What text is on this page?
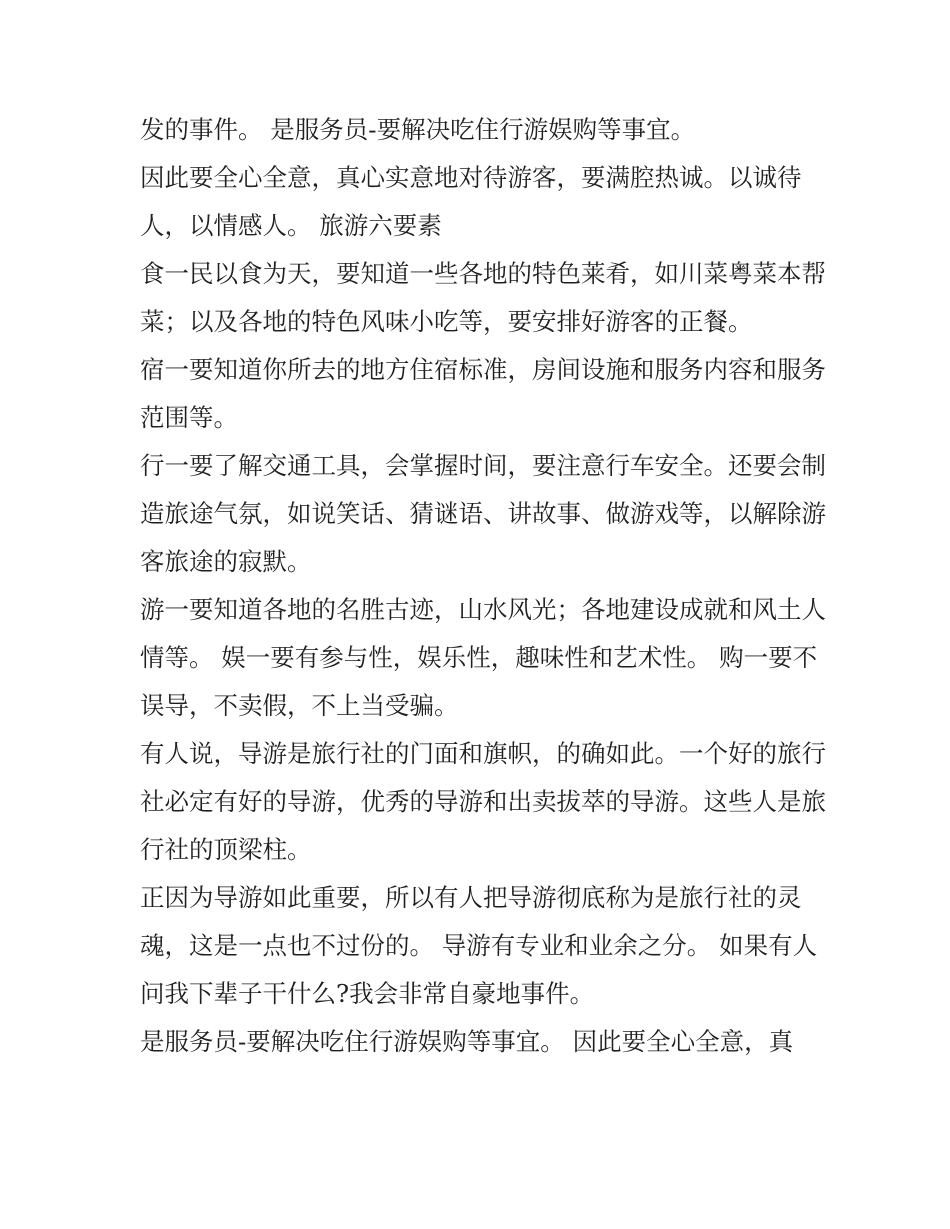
发的事件。 是服务员-要解决吃住行游娱购等事宜。

因此要全心全意，真心实意地对待游客，要满腔热诚。以诚待人，以情感人。 旅游六要素

食一民以食为天，要知道一些各地的特色莱肴，如川菜粤菜本帮菜；以及各地的特色风味小吃等，要安排好游客的正餐。

宿一要知道你所去的地方住宿标准，房间设施和服务内容和服务范围等。

行一要了解交通工具，会掌握时间，要注意行车安全。还要会制造旅途气氛，如说笑话、猜谜语、讲故事、做游戏等，以解除游客旅途的寂默。

游一要知道各地的名胜古迹，山水风光；各地建设成就和风土人情等。 娱一要有参与性，娱乐性，趣味性和艺术性。 购一要不误导，不卖假，不上当受骗。

有人说，导游是旅行社的门面和旗帜，的确如此。一个好的旅行社必定有好的导游，优秀的导游和出卖拔萃的导游。这些人是旅行社的顶梁柱。

正因为导游如此重要，所以有人把导游彻底称为是旅行社的灵魂，这是一点也不过份的。 导游有专业和业余之分。 如果有人问我下辈子干什么?我会非常自豪地事件。

是服务员-要解决吃住行游娱购等事宜。 因此要全心全意，真
